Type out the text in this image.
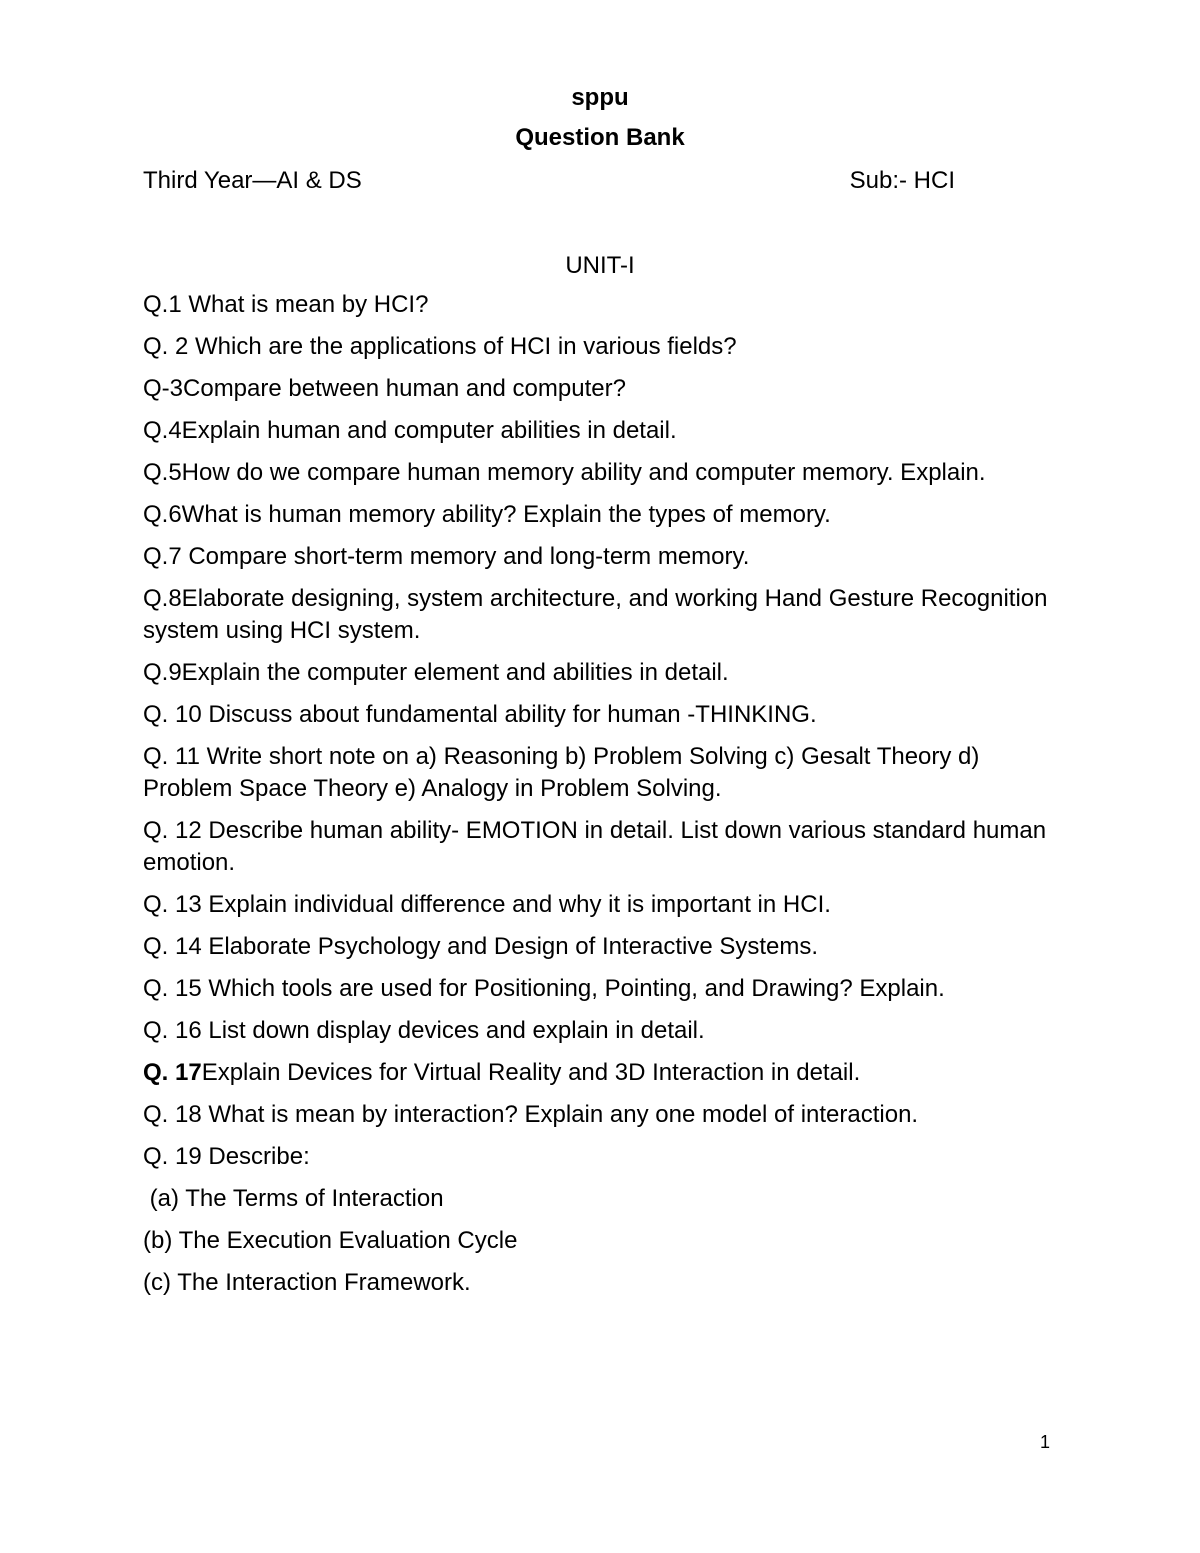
sppu
Question Bank
Third Year—AI & DS	Sub:- HCI
UNIT-I
Q.1 What is mean by HCI?
Q. 2 Which are the applications of HCI in various fields?
Q-3Compare between human and computer?
Q.4Explain human and computer abilities in detail.
Q.5How do we compare human memory ability and computer memory. Explain.
Q.6What is human memory ability? Explain the types of memory.
Q.7 Compare short-term memory and long-term memory.
Q.8Elaborate designing, system architecture, and working Hand Gesture Recognition system using HCI system.
Q.9Explain the computer element and abilities in detail.
Q. 10 Discuss about fundamental ability for human -THINKING.
Q. 11 Write short note on a) Reasoning b) Problem Solving c) Gesalt Theory d) Problem Space Theory e) Analogy in Problem Solving.
Q. 12 Describe human ability- EMOTION in detail. List down various standard human emotion.
Q. 13 Explain individual difference and why it is important in HCI.
Q. 14 Elaborate Psychology and Design of Interactive Systems.
Q. 15 Which tools are used for Positioning, Pointing, and Drawing? Explain.
Q. 16 List down display devices and explain in detail.
Q. 17Explain Devices for Virtual Reality and 3D Interaction in detail.
Q. 18 What is mean by interaction? Explain any one model of interaction.
Q. 19 Describe:
(a) The Terms of Interaction
(b) The Execution Evaluation Cycle
(c) The Interaction Framework.
1
